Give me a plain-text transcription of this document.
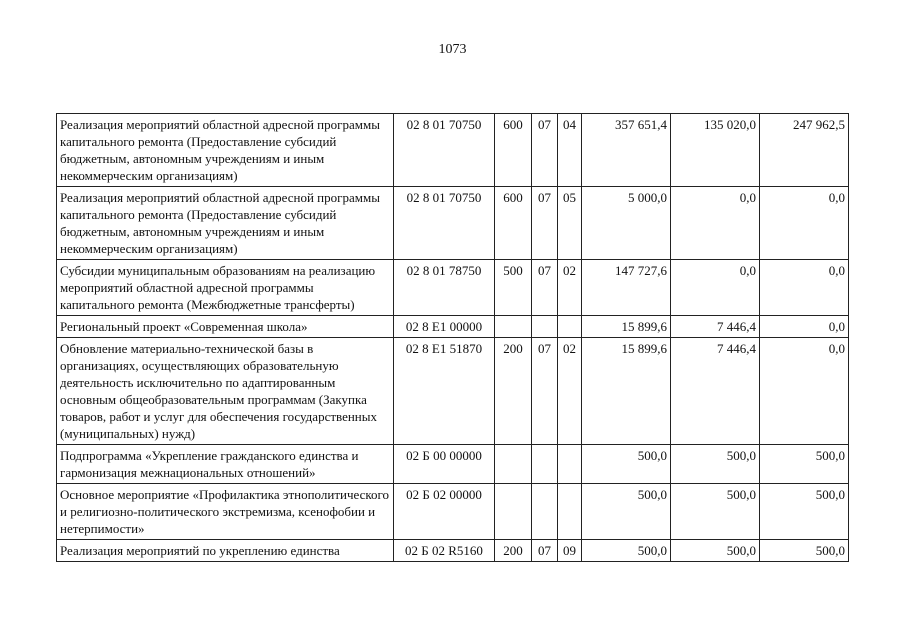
1073
Реализация мероприятий областной адресной программы капитального ремонта (Предоставление субсидий бюджетным, автономным учреждениям и иным некоммерческим организациям)	02 8 01 70750	600	07	04	357 651,4	135 020,0	247 962,5
Реализация мероприятий областной адресной программы капитального ремонта (Предоставление субсидий бюджетным, автономным учреждениям и иным некоммерческим организациям)	02 8 01 70750	600	07	05	5 000,0	0,0	0,0
Субсидии муниципальным образованиям на реализацию мероприятий областной адресной программы капитального ремонта (Межбюджетные трансферты)	02 8 01 78750	500	07	02	147 727,6	0,0	0,0
Региональный проект «Современная школа»	02 8 E1 00000				15 899,6	7 446,4	0,0
Обновление материально-технической базы в организациях, осуществляющих образовательную деятельность исключительно по адаптированным основным общеобразовательным программам (Закупка товаров, работ и услуг для обеспечения государственных (муниципальных) нужд)	02 8 E1 51870	200	07	02	15 899,6	7 446,4	0,0
Подпрограмма «Укрепление гражданского единства и гармонизация межнациональных отношений»	02 Б 00 00000				500,0	500,0	500,0
Основное мероприятие «Профилактика этнополитического и религиозно-политического экстремизма, ксенофобии и нетерпимости»	02 Б 02 00000				500,0	500,0	500,0
Реализация мероприятий по укреплению единства	02 Б 02 R5160	200	07	09	500,0	500,0	500,0
